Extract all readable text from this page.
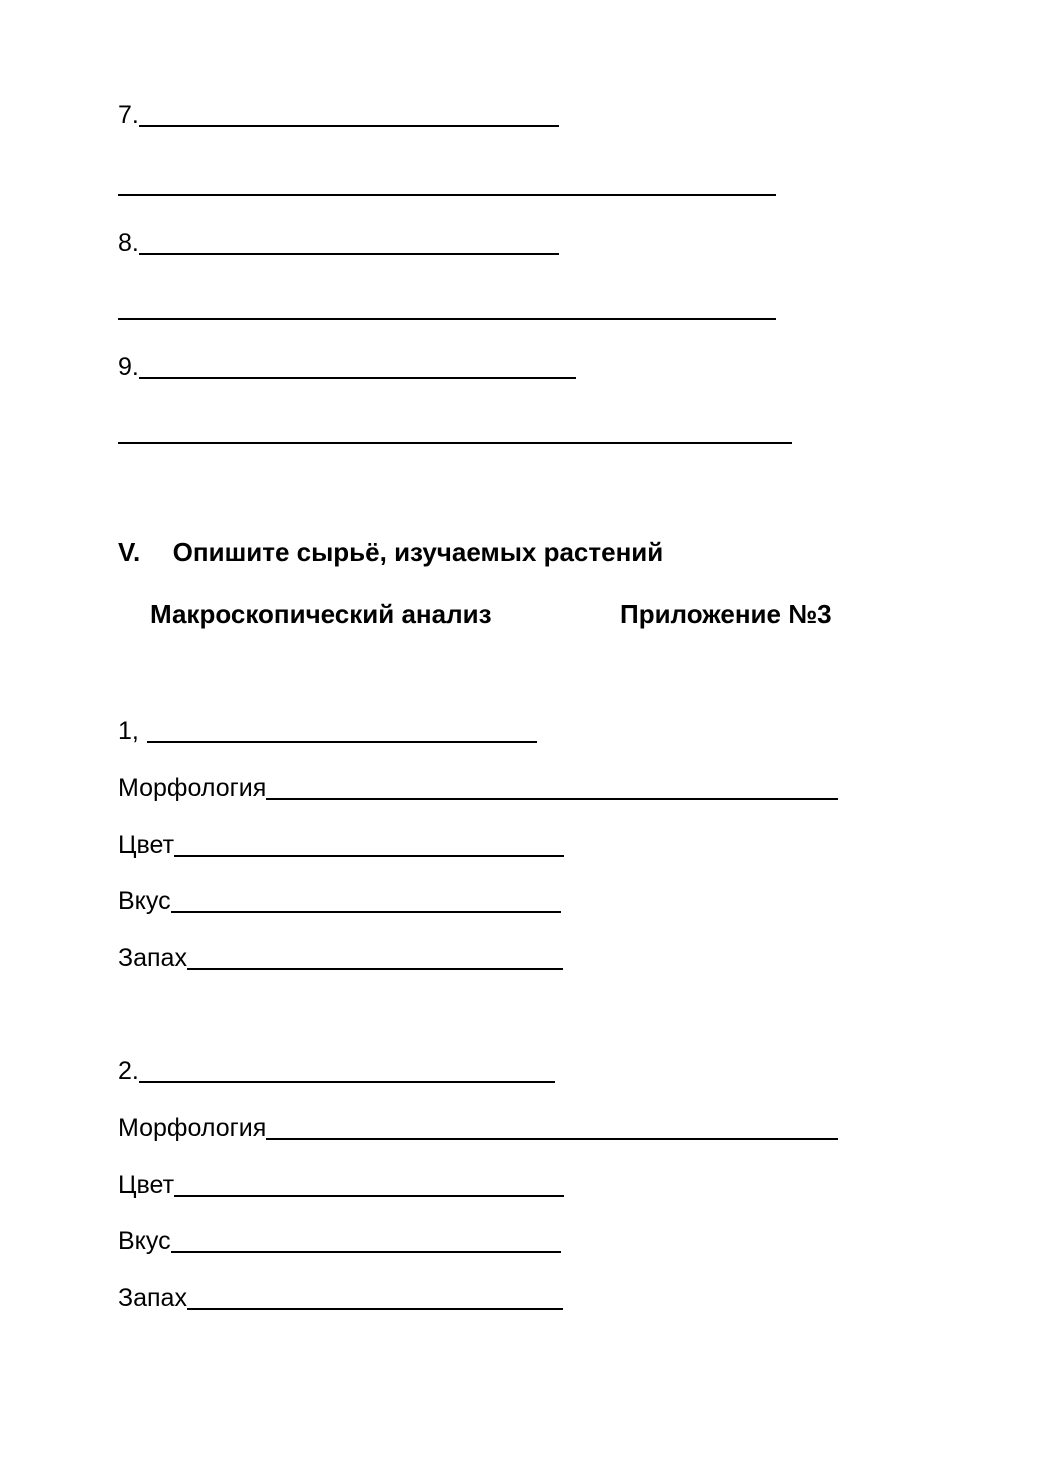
7.
8.
9.
V. Опишите сырьё, изучаемых растений
Макроскопический анализ	Приложение №3
1,
Морфология
Цвет
Вкус
Запах
2.
Морфология
Цвет
Вкус
Запах
